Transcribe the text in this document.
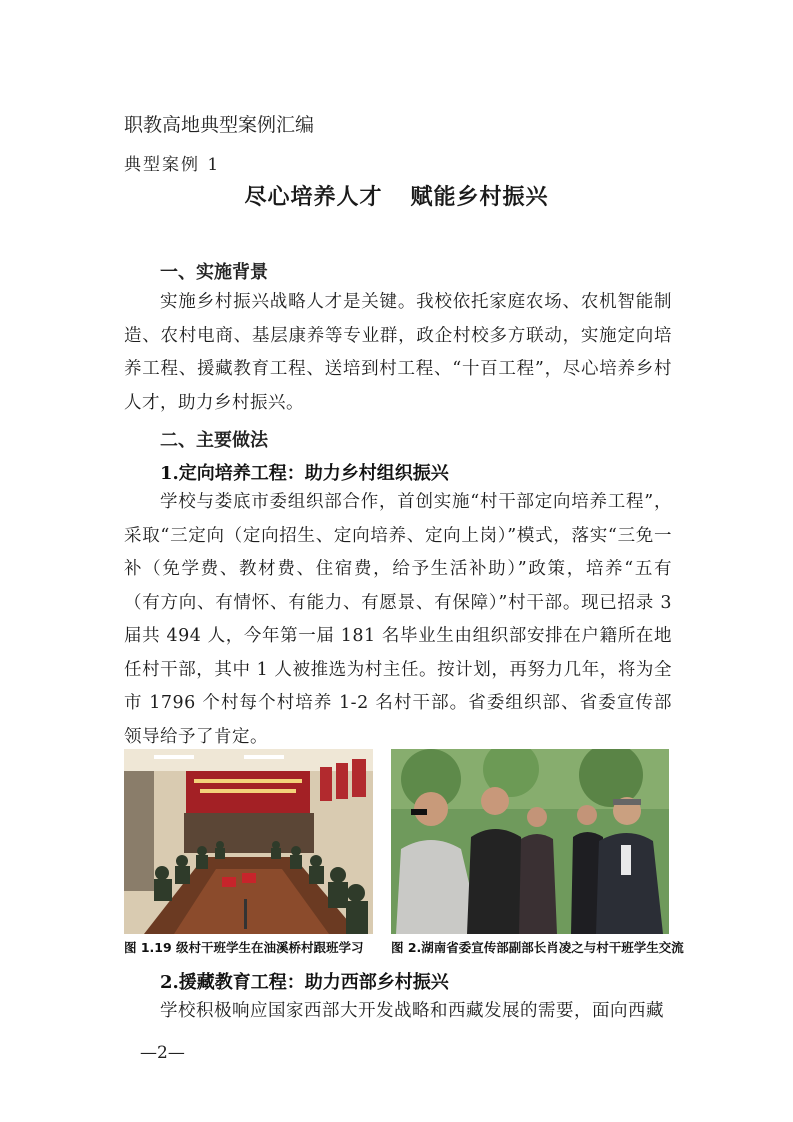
职教高地典型案例汇编
典型案例 1
尽心培养人才 赋能乡村振兴
一、实施背景
实施乡村振兴战略人才是关键。我校依托家庭农场、农机智能制造、农村电商、基层康养等专业群，政企村校多方联动，实施定向培养工程、援藏教育工程、送培到村工程、“十百工程”，尽心培养乡村人才，助力乡村振兴。
二、主要做法
1.定向培养工程：助力乡村组织振兴
学校与娄底市委组织部合作，首创实施“村干部定向培养工程”，采取“三定向（定向招生、定向培养、定向上岗）”模式，落实“三免一补（免学费、教材费、住宿费，给予生活补助）”政策，培养“五有（有方向、有情怀、有能力、有愿景、有保障）”村干部。现已招录 3 届共 494 人，今年第一届 181 名毕业生由组织部安排在户籍所在地任村干部，其中 1 人被推选为村主任。按计划，再努力几年，将为全市 1796 个村每个村培养 1-2 名村干部。省委组织部、省委宣传部领导给予了肯定。
图 1.19 级村干班学生在油溪桥村跟班学习 图 2.湖南省委宣传部副部长肖凌之与村干班学生交流
2.援藏教育工程：助力西部乡村振兴
学校积极响应国家西部大开发战略和西藏发展的需要，面向西藏
—2—
